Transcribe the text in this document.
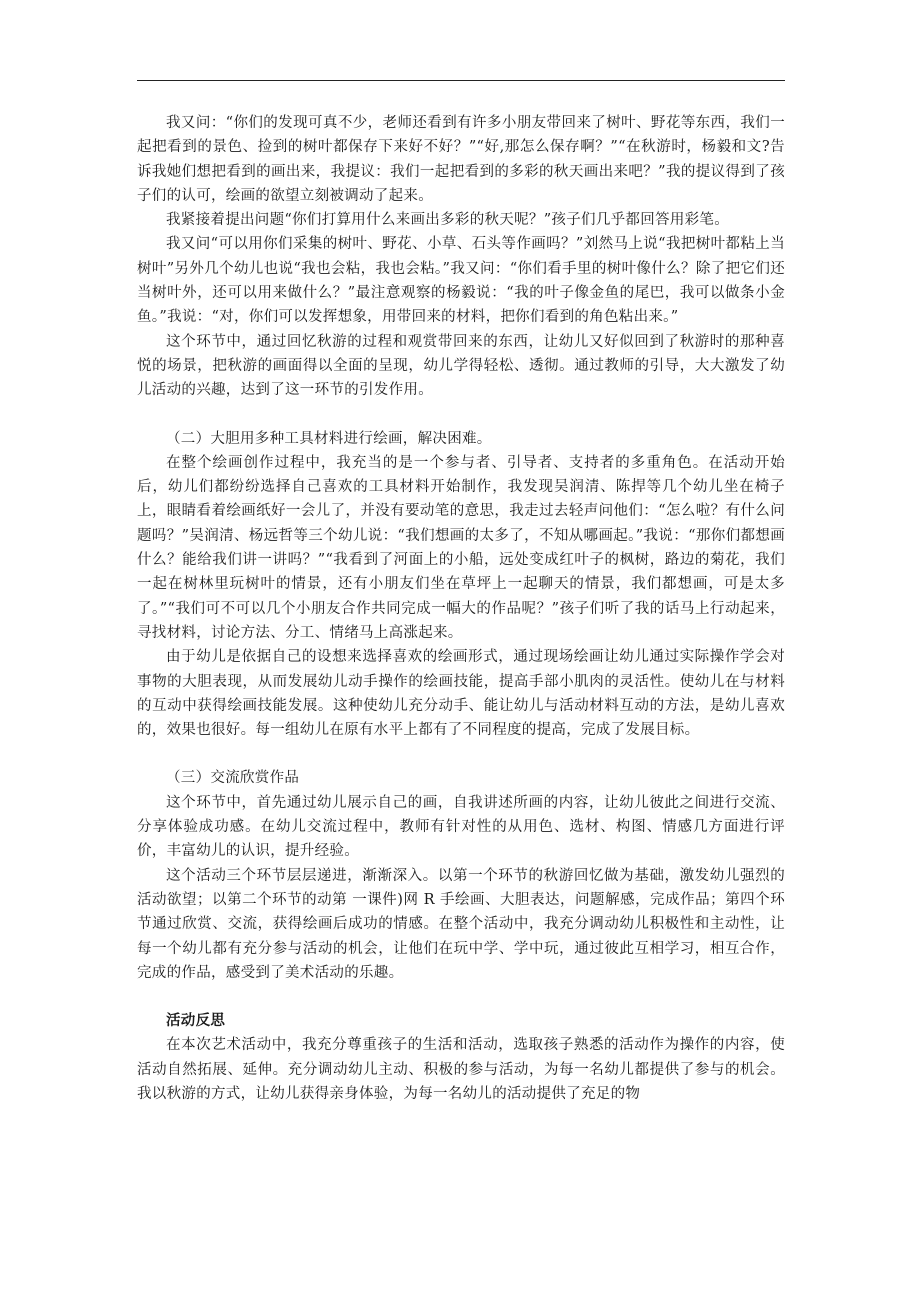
我又问：“你们的发现可真不少，老师还看到有许多小朋友带回来了树叶、野花等东西，我们一起把看到的景色、捡到的树叶都保存下来好不好？”“好,那怎么保存啊？”“在秋游时，杨毅和文?告诉我她们想把看到的画出来，我提议：我们一起把看到的多彩的秋天画出来吧？”我的提议得到了孩子们的认可，绘画的欲望立刻被调动了起来。

我紧接着提出问题“你们打算用什么来画出多彩的秋天呢？”孩子们几乎都回答用彩笔。

我又问“可以用你们采集的树叶、野花、小草、石头等作画吗？”刘然马上说“我把树叶都粘上当树叶”另外几个幼儿也说“我也会粘，我也会粘。”我又问：“你们看手里的树叶像什么？除了把它们还当树叶外，还可以用来做什么？”最注意观察的杨毅说：“我的叶子像金鱼的尾巴，我可以做条小金鱼。”我说：“对，你们可以发挥想象，用带回来的材料，把你们看到的角色粘出来。”

这个环节中，通过回忆秋游的过程和观赏带回来的东西，让幼儿又好似回到了秋游时的那种喜悦的场景，把秋游的画面得以全面的呈现，幼儿学得轻松、透彻。通过教师的引导，大大激发了幼儿活动的兴趣，达到了这一环节的引发作用。

（二）大胆用多种工具材料进行绘画，解决困难。

在整个绘画创作过程中，我充当的是一个参与者、引导者、支持者的多重角色。在活动开始后，幼儿们都纷纷选择自己喜欢的工具材料开始制作，我发现吴润清、陈捍等几个幼儿坐在椅子上，眼睛看着绘画纸好一会儿了，并没有要动笔的意思，我走过去轻声问他们：“怎么啦？有什么问题吗？”吴润清、杨远哲等三个幼儿说：“我们想画的太多了，不知从哪画起。”我说：“那你们都想画什么？能给我们讲一讲吗？”“我看到了河面上的小船，远处变成红叶子的枫树，路边的菊花，我们一起在树林里玩树叶的情景，还有小朋友们坐在草坪上一起聊天的情景，我们都想画，可是太多了。”“我们可不可以几个小朋友合作共同完成一幅大的作品呢？”孩子们听了我的话马上行动起来，寻找材料，讨论方法、分工、情绪马上高涨起来。

由于幼儿是依据自己的设想来选择喜欢的绘画形式，通过现场绘画让幼儿通过实际操作学会对事物的大胆表现，从而发展幼儿动手操作的绘画技能，提高手部小肌肉的灵活性。使幼儿在与材料的互动中获得绘画技能发展。这种使幼儿充分动手、能让幼儿与活动材料互动的方法，是幼儿喜欢的，效果也很好。每一组幼儿在原有水平上都有了不同程度的提高，完成了发展目标。

（三）交流欣赏作品

这个环节中，首先通过幼儿展示自己的画，自我讲述所画的内容，让幼儿彼此之间进行交流、分享体验成功感。在幼儿交流过程中，教师有针对性的从用色、选材、构图、情感几方面进行评价，丰富幼儿的认识，提升经验。

这个活动三个环节层层递进，渐渐深入。以第一个环节的秋游回忆做为基础，激发幼儿强烈的活动欲望；以第二个环节的动第 一课件)网 R 手绘画、大胆表达，问题解感，完成作品；第四个环节通过欣赏、交流，获得绘画后成功的情感。在整个活动中，我充分调动幼儿积极性和主动性，让每一个幼儿都有充分参与活动的机会，让他们在玩中学、学中玩，通过彼此互相学习，相互合作，完成的作品，感受到了美术活动的乐趣。

活动反思

在本次艺术活动中，我充分尊重孩子的生活和活动，选取孩子熟悉的活动作为操作的内容，使活动自然拓展、延伸。充分调动幼儿主动、积极的参与活动，为每一名幼儿都提供了参与的机会。我以秋游的方式，让幼儿获得亲身体验，为每一名幼儿的活动提供了充足的物
